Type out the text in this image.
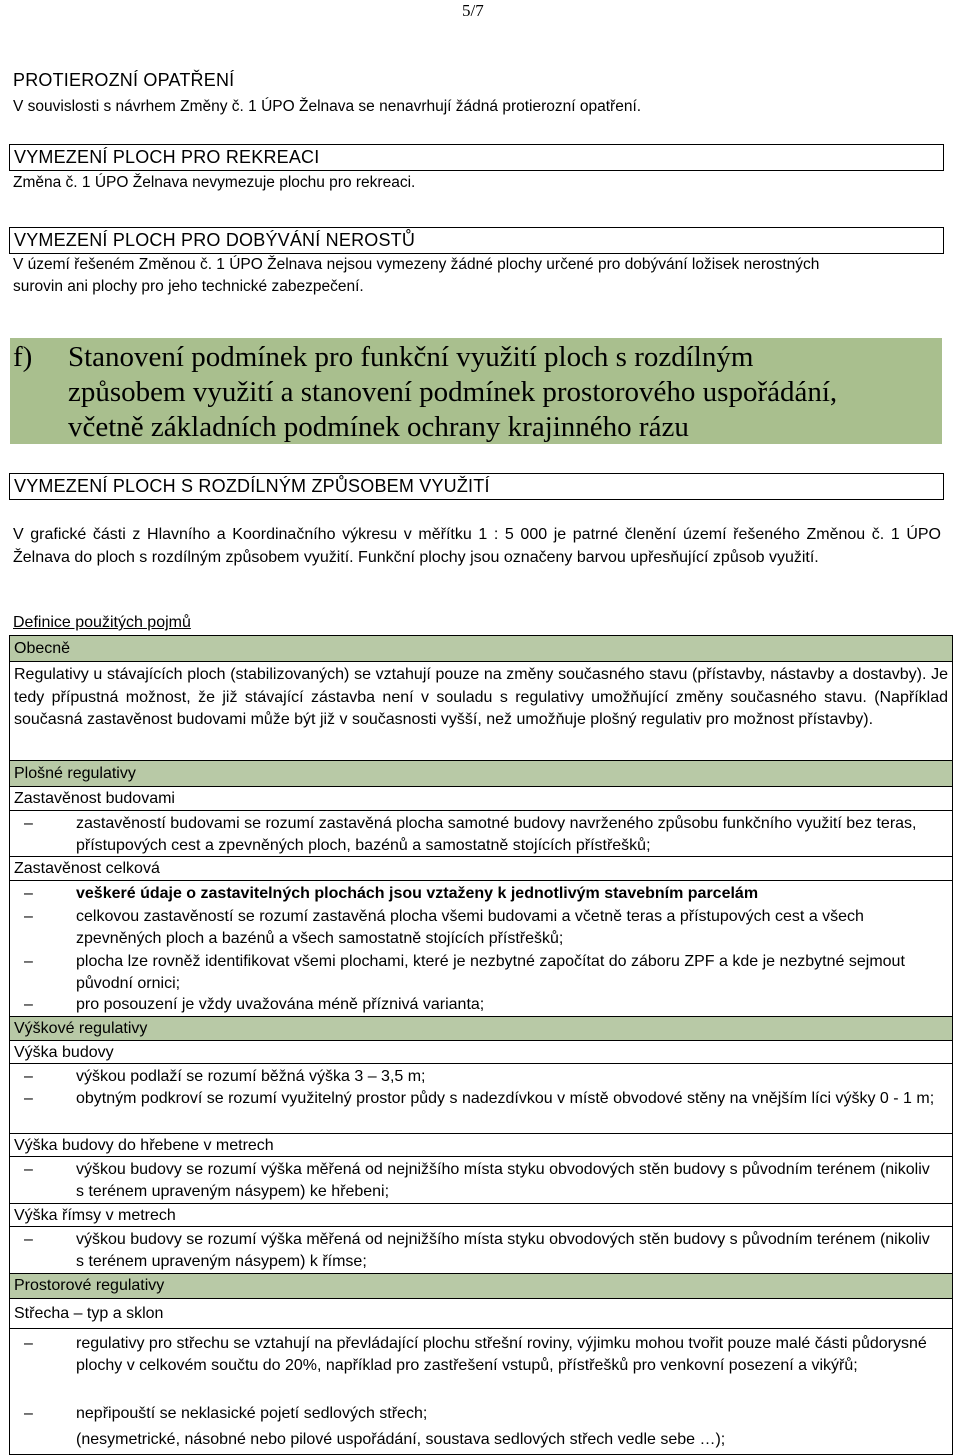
5/7
PROTIEROZNÍ OPATŘENÍ
V souvislosti s návrhem Změny č. 1 ÚPO Želnava se nenavrhují žádná protierozní opatření.
VYMEZENÍ PLOCH PRO REKREACI
Změna č. 1 ÚPO Želnava nevymezuje plochu pro rekreaci.
VYMEZENÍ PLOCH PRO DOBÝVÁNÍ NEROSTŮ
V území řešeném Změnou č. 1 ÚPO Želnava nejsou vymezeny žádné plochy určené pro dobývání ložisek nerostných
surovin ani plochy pro jeho technické zabezpečení.
f) Stanovení podmínek pro funkční využití ploch s rozdílným
způsobem využití a stanovení podmínek prostorového uspořádání,
včetně základních podmínek ochrany krajinného rázu
VYMEZENÍ PLOCH S ROZDÍLNÝM ZPŮSOBEM VYUŽITÍ
V grafické části z Hlavního a Koordinačního výkresu v měřítku 1 : 5 000 je patrné členění území řešeného Změnou č. 1 ÚPO Želnava do ploch s rozdílným způsobem využití. Funkční plochy jsou označeny barvou upřesňující způsob využití.
Definice použitých pojmů
Obecně
Regulativy u stávajících ploch (stabilizovaných) se vztahují pouze na změny současného stavu (přístavby, nástavby a dostavby). Je tedy přípustná možnost, že již stávající zástavba není v souladu s regulativy umožňující změny současného stavu. (Například současná zastavěnost budovami může být již v současnosti vyšší, než umožňuje plošný regulativ pro možnost přístavby).
Plošné regulativy
Zastavěnost budovami
–	zastavěností budovami se rozumí zastavěná plocha samotné budovy navrženého způsobu funkčního využití bez teras, přístupových cest a zpevněných ploch, bazénů a samostatně stojících přístřešků;
Zastavěnost celková
–	veškeré údaje o zastavitelných plochách jsou vztaženy k jednotlivým stavebním parcelám
–	celkovou zastavěností se rozumí zastavěná plocha všemi budovami a včetně teras a přístupových cest a všech zpevněných ploch a bazénů a všech samostatně stojících přístřešků;
–	plocha lze rovněž identifikovat všemi plochami, které je nezbytné započítat do záboru ZPF a kde je nezbytné sejmout původní ornici;
–	pro posouzení je vždy uvažována méně příznivá varianta;
Výškové regulativy
Výška budovy
–	výškou podlaží se rozumí běžná výška 3 – 3,5 m;
–	obytným podkroví se rozumí využitelný prostor půdy s nadezdívkou v místě obvodové stěny na vnějším líci výšky 0 - 1 m;
Výška budovy do hřebene v metrech
–	výškou budovy se rozumí výška měřená od nejnižšího místa styku obvodových stěn budovy s původním terénem (nikoliv s terénem upraveným násypem) ke hřebeni;
Výška římsy v metrech
–	výškou budovy se rozumí výška měřená od nejnižšího místa styku obvodových stěn budovy s původním terénem (nikoliv s terénem upraveným násypem) k římse;
Prostorové regulativy
Střecha – typ a sklon
–	regulativy pro střechu se vztahují na převládající plochu střešní roviny, výjimku mohou tvořit pouze malé části půdorysné plochy v celkovém součtu do 20%, například pro zastřešení vstupů, přístřešků pro venkovní posezení a vikýřů;
–	nepřipouští se neklasické pojetí sedlových střech;
(nesymetrické, násobné nebo pilové uspořádání, soustava sedlových střech vedle sebe …);
